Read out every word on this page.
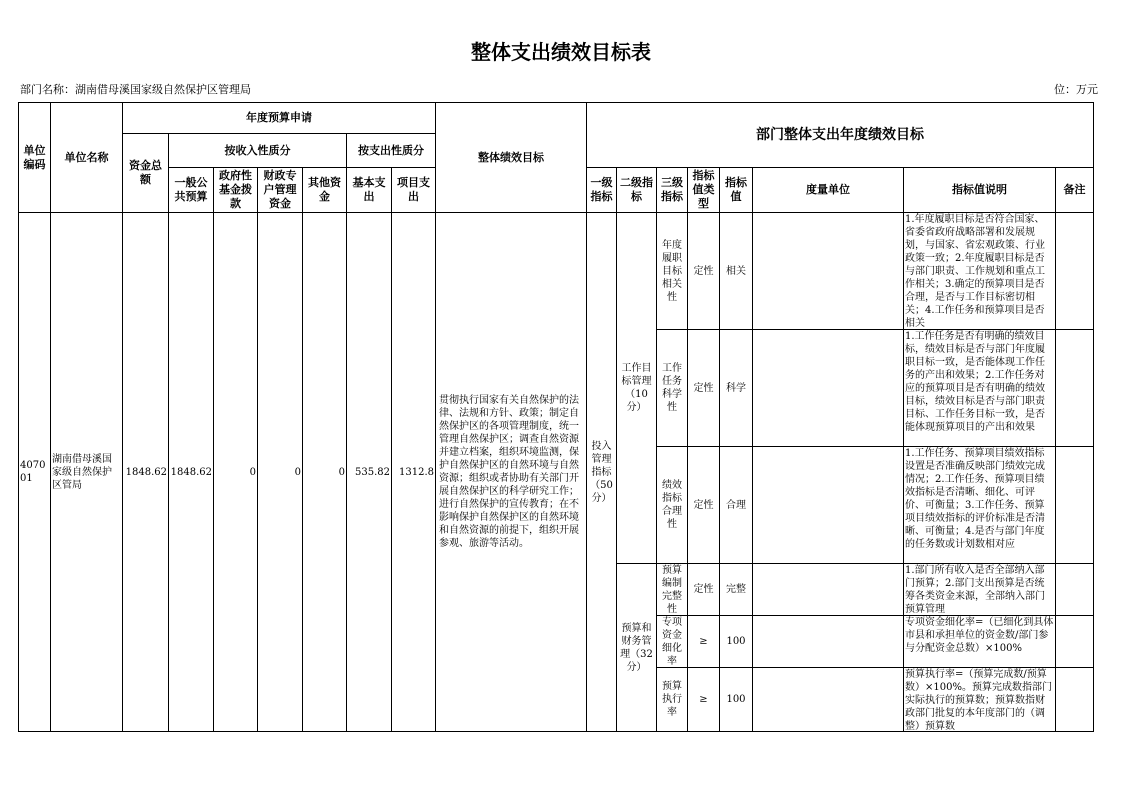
整体支出绩效目标表
部门名称：湖南借母溪国家级自然保护区管理局	位：万元
单位编码	单位名称	年度预算申请							整体绩效目标	部门整体支出年度绩效目标							
		资金总额	按收入性质分				按支出性质分										
			一般公共预算	政府性基金拨款	财政专户管理资金	其他资金	基本支出	项目支出		一级指标	二级指标	三级指标	指标值类型	指标值	度量单位	指标值说明	备注
407001	湖南借母溪国家级自然保护区管局	1848.62	1848.62	0	0	0	535.82	1312.8	贯彻执行国家有关自然保护的法律、法规和方针、政策；制定自然保护区的各项管理制度，统一管理自然保护区；调查自然资源并建立档案，组织环境监测，保护自然保护区的自然环境与自然资源；组织或者协助有关部门开展自然保护区的科学研究工作；进行自然保护的宣传教育；在不影响保护自然保护区的自然环境和自然资源的前提下，组织开展参观、旅游等活动。	投入管理指标（50分）	工作目标管理（10分）	年度履职目标相关性	定性	相关		1.年度履职目标是否符合国家、省委省政府战略部署和发展规划，与国家、省宏观政策、行业政策一致；2.年度履职目标是否与部门职责、工作规划和重点工作相关；3.确定的预算项目是否合理，是否与工作目标密切相关；4.工作任务和预算项目是否相关	

												工作任务科学性	定性	科学		1.工作任务是否有明确的绩效目标，绩效目标是否与部门年度履职目标一致，是否能体现工作任务的产出和效果；2.工作任务对应的预算项目是否有明确的绩效目标，绩效目标是否与部门职责目标、工作任务目标一致，是否能体现预算项目的产出和效果	

												绩效指标合理性	定性	合理		1.工作任务、预算项目绩效指标设置是否准确反映部门绩效完成情况；2.工作任务、预算项目绩效指标是否清晰、细化、可评价、可衡量；3.工作任务、预算项目绩效指标的评价标准是否清晰、可衡量；4.是否与部门年度的任务数或计划数相对应	

											预算和财务管理（32分）	预算编制完整性	定性	完整		1.部门所有收入是否全部纳入部门预算；2.部门支出预算是否统筹各类资金来源，全部纳入部门预算管理	

												专项资金细化率	≥	100		专项资金细化率=（已细化到具体市县和承担单位的资金数/部门参与分配资金总数）×100%	

												预算执行率	≥	100		预算执行率=（预算完成数/预算数）×100%。预算完成数指部门实际执行的预算数；预算数指财政部门批复的本年度部门的（调整）预算数	
